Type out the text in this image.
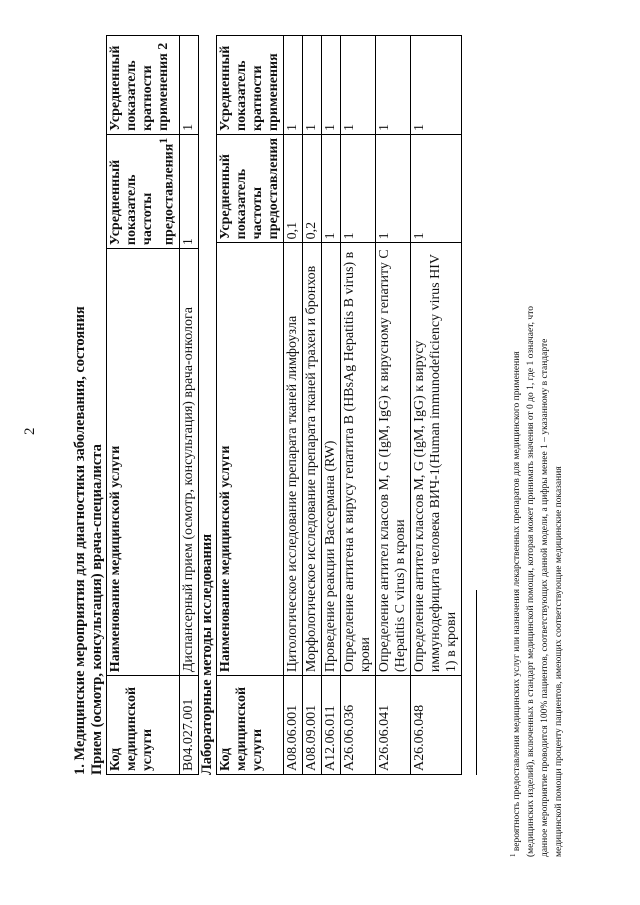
2 1. Медицинские мероприятия для диагностики заболевания, состояния Прием (осмотр, консультация) врача-специалиста Код медицинской услуги	Наименование медицинской услуги	Усредненный показатель частоты предоставления$^1$	Усредненный показатель кратности применения 2
B04.027.001	Диспансерный прием (осмотр, консультация) врача-онколога	1	1

Лабораторные методы исследования Код медицинской услуги	Наименование медицинской услуги	Усредненный показатель частоты предоставления	Усредненный показатель кратности применения
A08.06.001	Цитологическое исследование препарата тканей лимфоузла	0,1	1
A08.09.001	Морфологическое исследование препарата тканей трахеи и бронхов	0,2	1
A12.06.011	Проведение реакции Вассермана (RW)	1	1
A26.06.036	Определение антигена к вирусу гепатита В (HBsAg Hepatitis В virus) в крови	1	1
A26.06.041	Определение антител классов М, G (IgM, IgG) к вирусному гепатиту С (Hepatitis С virus) в крови	1	1
A26.06.048	Определение антител классов М, G (IgM, IgG) к вирусу иммунодефицита человека ВИЧ-1(Human immunodeficiency virus HIV 1) в крови	1	1
$^1$ вероятность предоставления медицинских услуг или назначения лекарственных препаратов для медицинского применения (медицинских изделий), включенных в стандарт медицинской помощи, которая может принимать значения от 0 до 1, где 1 означает, что данное мероприятие проводится 100% пациентов, соответствующих данной модели, а цифры менее 1 – указанному в стандарте медицинской помощи проценту пациентов, имеющих соответствующие медицинские показания
